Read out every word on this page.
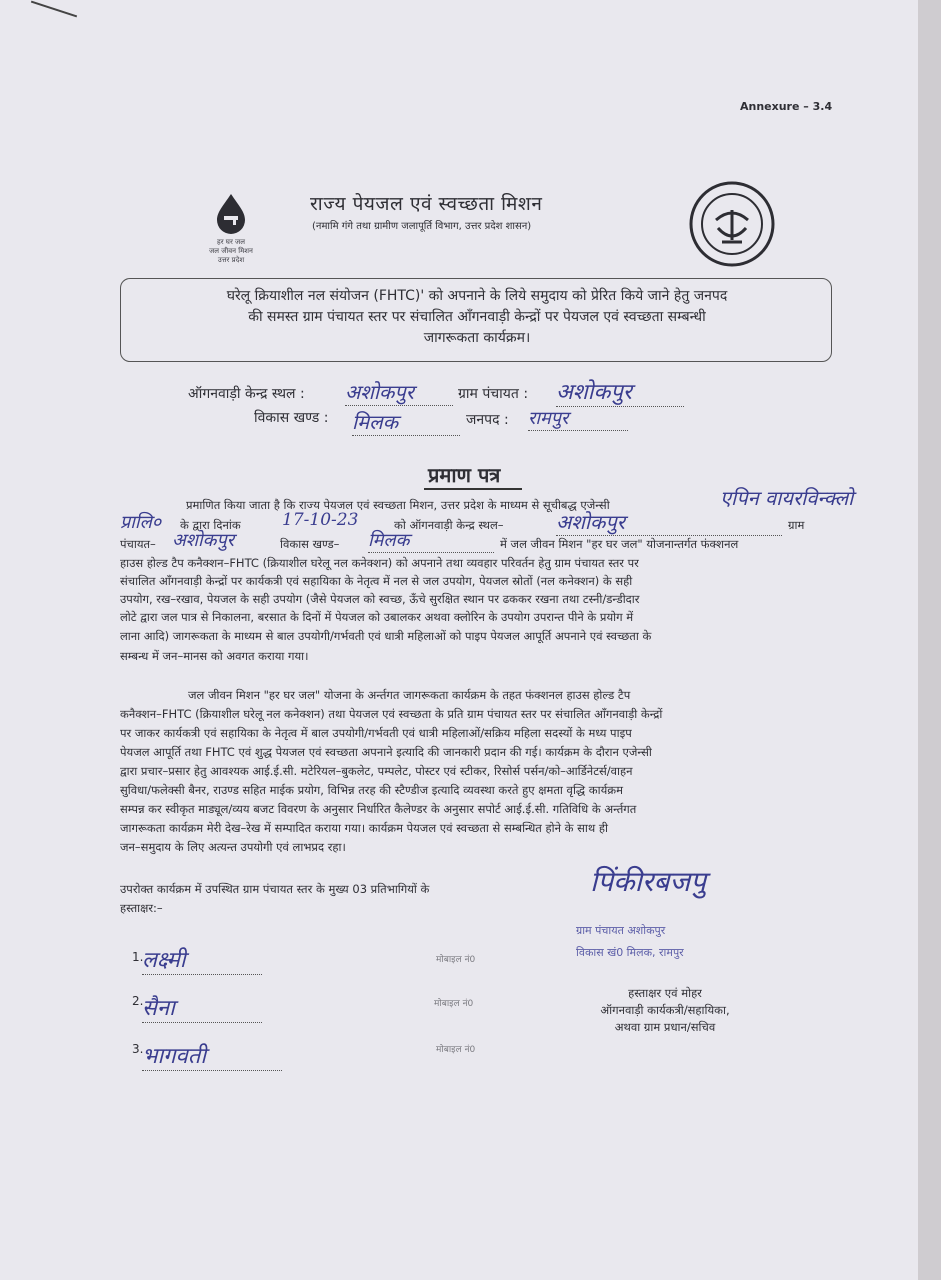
Annexure – 3.4
हर घर जल
जल जीवन मिशन
उत्तर प्रदेश
राज्य पेयजल एवं स्वच्छता मिशन
(नमामि गंगे तथा ग्रामीण जलापूर्ति विभाग, उत्तर प्रदेश शासन)
घरेलू क्रियाशील नल संयोजन (FHTC)' को अपनाने के लिये समुदाय को प्रेरित किये जाने हेतु जनपद
की समस्त ग्राम पंचायत स्तर पर संचालित आँगनवाड़ी केन्द्रों पर पेयजल एवं स्वच्छता सम्बन्धी
जागरूकता कार्यक्रम।
ऑगनवाड़ी केन्द्र स्थल : अशोकपुर	ग्राम पंचायत : अशोकपुर
विकास खण्ड : मिलक	जनपद : रामपुर
प्रमाण पत्र
प्रमाणित किया जाता है कि राज्य पेयजल एवं स्वच्छता मिशन, उत्तर प्रदेश के माध्यम से सूचीबद्ध एजेन्सी	एपिन वायरविन्क्लो
प्रालि० के द्वारा दिनांक 17-10-23	को ऑगनवाड़ी केन्द्र स्थल–	अशोकपुर	ग्राम
पंचायत– अशोकपुर	विकास खण्ड– मिलक	में जल जीवन मिशन "हर घर जल" योजनान्तर्गत फंक्शनल
हाउस होल्ड टैप कनैक्शन–FHTC (क्रियाशील घरेलू नल कनेक्शन) को अपनाने तथा व्यवहार परिवर्तन हेतु ग्राम पंचायत स्तर पर
संचालित आँगनवाड़ी केन्द्रों पर कार्यकत्री एवं सहायिका के नेतृत्व में नल से जल उपयोग, पेयजल स्रोतों (नल कनेक्शन) के सही
उपयोग, रख–रखाव, पेयजल के सही उपयोग (जैसे पेयजल को स्वच्छ, ऊँचे सुरक्षित स्थान पर ढककर रखना तथा टस्नी/डन्डीदार
लोटे द्वारा जल पात्र से निकालना, बरसात के दिनों में पेयजल को उबालकर अथवा क्लोरिन के उपयोग उपरान्त पीने के प्रयोग में
लाना आदि) जागरूकता के माध्यम से बाल उपयोगी/गर्भवती एवं धात्री महिलाओं को पाइप पेयजल आपूर्ति अपनाने एवं स्वच्छता के
सम्बन्ध में जन–मानस को अवगत कराया गया।
जल जीवन मिशन "हर घर जल" योजना के अर्न्तगत जागरूकता कार्यक्रम के तहत फंक्शनल हाउस होल्ड टैप
कनैक्शन–FHTC (क्रियाशील घरेलू नल कनेक्शन) तथा पेयजल एवं स्वच्छता के प्रति ग्राम पंचायत स्तर पर संचालित आँगनवाड़ी केन्द्रों
पर जाकर कार्यकत्री एवं सहायिका के नेतृत्व में बाल उपयोगी/गर्भवती एवं धात्री महिलाओं/सक्रिय महिला सदस्यों के मध्य पाइप
पेयजल आपूर्ति तथा FHTC एवं शुद्ध पेयजल एवं स्वच्छता अपनाने इत्यादि की जानकारी प्रदान की गई। कार्यक्रम के दौरान एजेन्सी
द्वारा प्रचार–प्रसार हेतु आवश्यक आई.ई.सी. मटेरियल–बुकलेट, पम्पलेट, पोस्टर एवं स्टीकर, रिसोर्स पर्सन/को–आर्डिनेटर्स/वाहन
सुविधा/फलेक्सी बैनर, राउण्ड सहित माईक प्रयोग, विभिन्न तरह की स्टैण्डीज इत्यादि व्यवस्था करते हुए क्षमता वृद्धि कार्यक्रम
सम्पन्न कर स्वीकृत माड्यूल/व्यय बजट विवरण के अनुसार निर्धारित कैलेण्डर के अनुसार सपोर्ट आई.ई.सी. गतिविधि के अर्न्तगत
जागरूकता कार्यक्रम मेरी देख–रेख में सम्पादित कराया गया। कार्यक्रम पेयजल एवं स्वच्छता से सम्बन्धित होने के साथ ही
जन–समुदाय के लिए अत्यन्त उपयोगी एवं लाभप्रद रहा।
उपरोक्त कार्यक्रम में उपस्थित ग्राम पंचायत स्तर के मुख्य 03 प्रतिभागियों के
हस्ताक्षर:–
1.
लक्ष्मी	मोबाइल नं0
2.
सैना	मोबाइल नं0
3.
भागवती	मोबाइल नं0
पिंकीरबजपु
ग्राम पंचायत अशोकपुर
विकास खं0 मिलक, रामपुर
हस्ताक्षर एवं मोहर
ऑगनवाड़ी कार्यकत्री/सहायिका,
अथवा ग्राम प्रधान/सचिव
